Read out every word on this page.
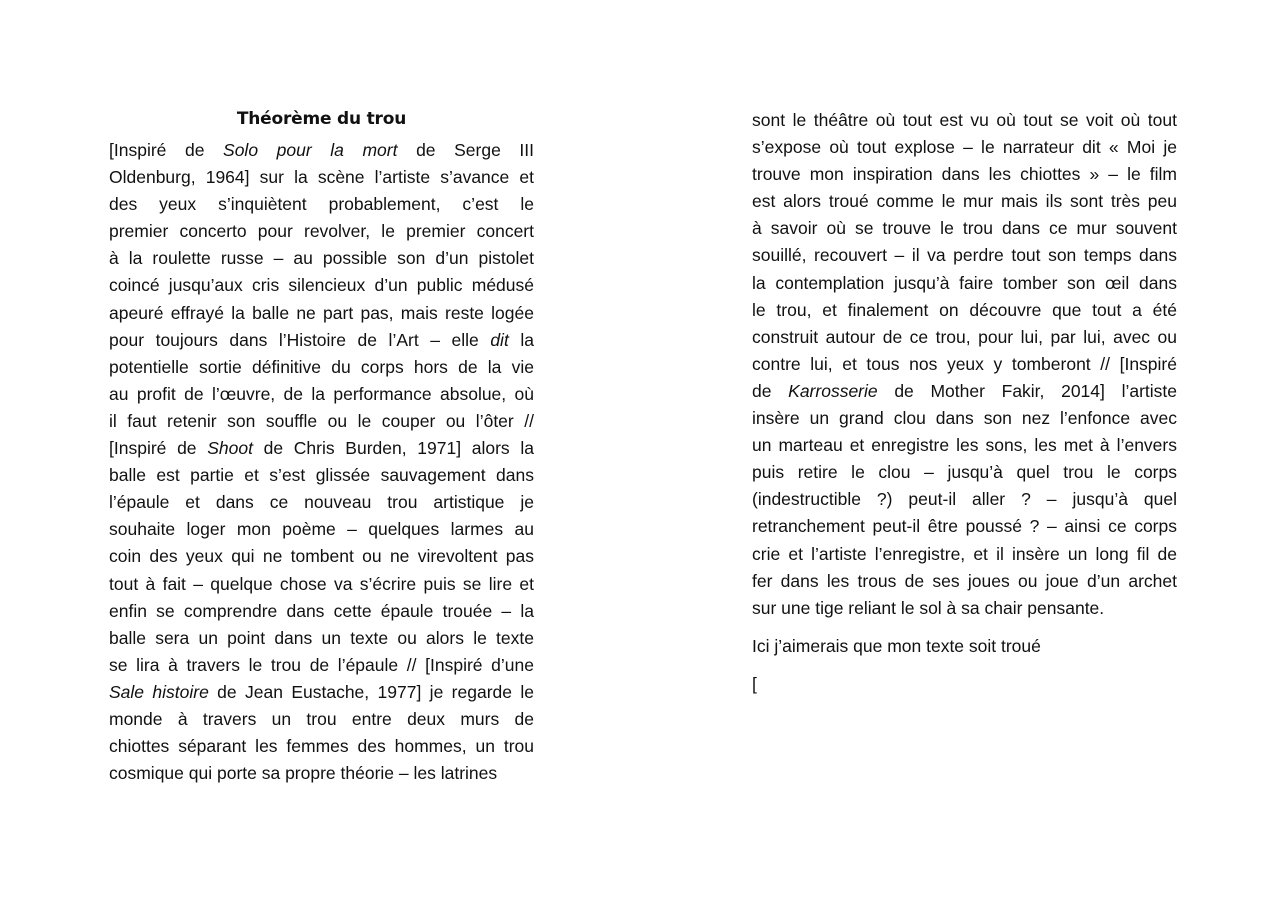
Théorème du trou
[Inspiré de Solo pour la mort de Serge III
Oldenburg, 1964] sur la scène l’artiste s’avance et
des yeux s’inquiètent probablement, c’est le
premier concerto pour revolver, le premier concert
à la roulette russe – au possible son d’un pistolet
coincé jusqu’aux cris silencieux d’un public médusé
apeuré effrayé la balle ne part pas, mais reste logée
pour toujours dans l’Histoire de l’Art – elle dit la
potentielle sortie définitive du corps hors de la vie
au profit de l’œuvre, de la performance absolue, où
il faut retenir son souffle ou le couper ou l’ôter //
[Inspiré de Shoot de Chris Burden, 1971] alors la
balle est partie et s’est glissée sauvagement dans
l’épaule et dans ce nouveau trou artistique je
souhaite loger mon poème – quelques larmes au
coin des yeux qui ne tombent ou ne virevoltent pas
tout à fait – quelque chose va s’écrire puis se lire et
enfin se comprendre dans cette épaule trouée – la
balle sera un point dans un texte ou alors le texte
se lira à travers le trou de l’épaule // [Inspiré d’une
Sale histoire de Jean Eustache, 1977] je regarde le
monde à travers un trou entre deux murs de
chiottes séparant les femmes des hommes, un trou
cosmique qui porte sa propre théorie – les latrines
sont le théâtre où tout est vu où tout se voit où tout
s’expose où tout explose – le narrateur dit « Moi je
trouve mon inspiration dans les chiottes » – le film
est alors troué comme le mur mais ils sont très peu
à savoir où se trouve le trou dans ce mur souvent
souillé, recouvert – il va perdre tout son temps dans
la contemplation jusqu’à faire tomber son œil dans
le trou, et finalement on découvre que tout a été
construit autour de ce trou, pour lui, par lui, avec ou
contre lui, et tous nos yeux y tomberont // [Inspiré
de Karrosserie de Mother Fakir, 2014] l’artiste
insère un grand clou dans son nez l’enfonce avec
un marteau et enregistre les sons, les met à l’envers
puis retire le clou – jusqu’à quel trou le corps
(indestructible ?) peut-il aller ? – jusqu’à quel
retranchement peut-il être poussé ? – ainsi ce corps
crie et l’artiste l’enregistre, et il insère un long fil de
fer dans les trous de ses joues ou joue d’un archet
sur une tige reliant le sol à sa chair pensante.
Ici j’aimerais que mon texte soit troué
[
